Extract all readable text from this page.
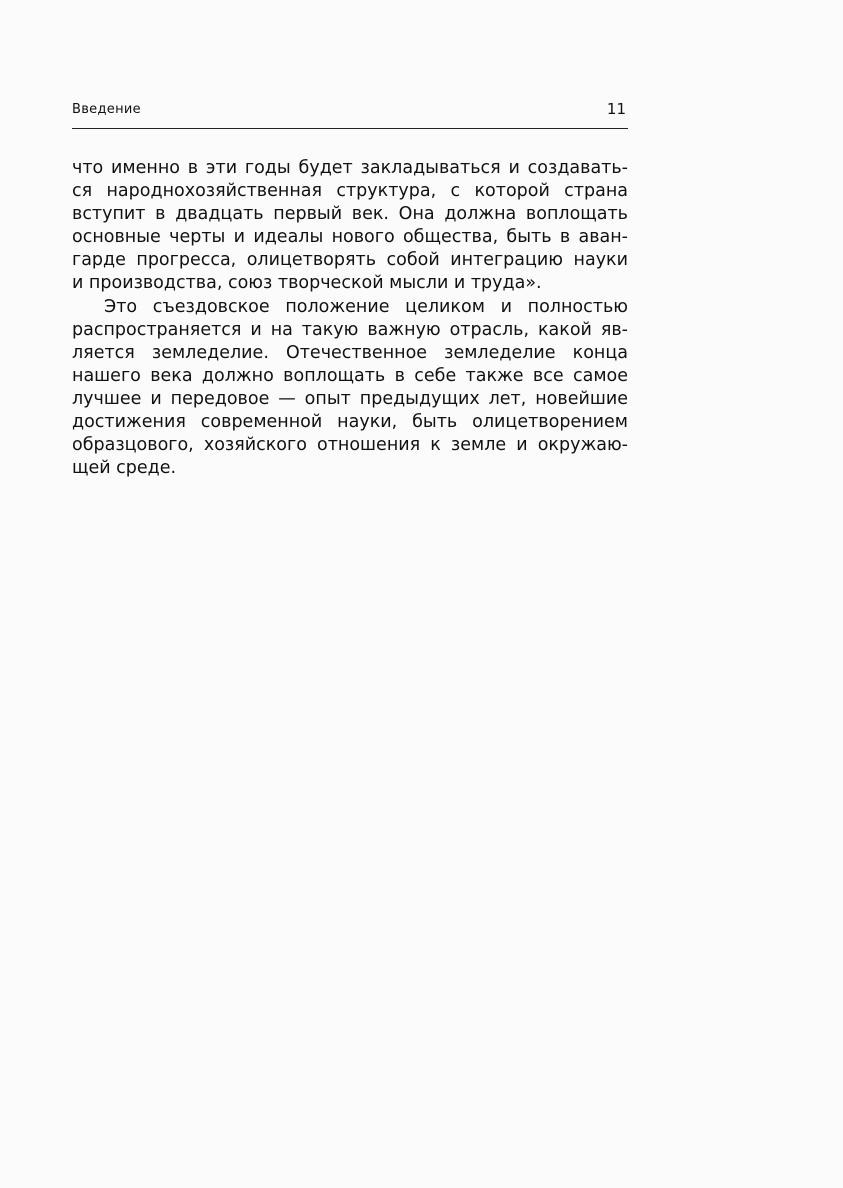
Введение	11
что именно в эти годы будет закладываться и создавать-
ся народнохозяйственная структура, с которой страна
вступит в двадцать первый век. Она должна воплощать
основные черты и идеалы нового общества, быть в аван-
гарде прогресса, олицетворять собой интеграцию науки
и производства, союз творческой мысли и труда».
Это съездовское положение целиком и полностью
распространяется и на такую важную отрасль, какой яв-
ляется земледелие. Отечественное земледелие конца
нашего века должно воплощать в себе также все самое
лучшее и передовое — опыт предыдущих лет, новейшие
достижения современной науки, быть олицетворением
образцового, хозяйского отношения к земле и окружаю-
щей среде.
